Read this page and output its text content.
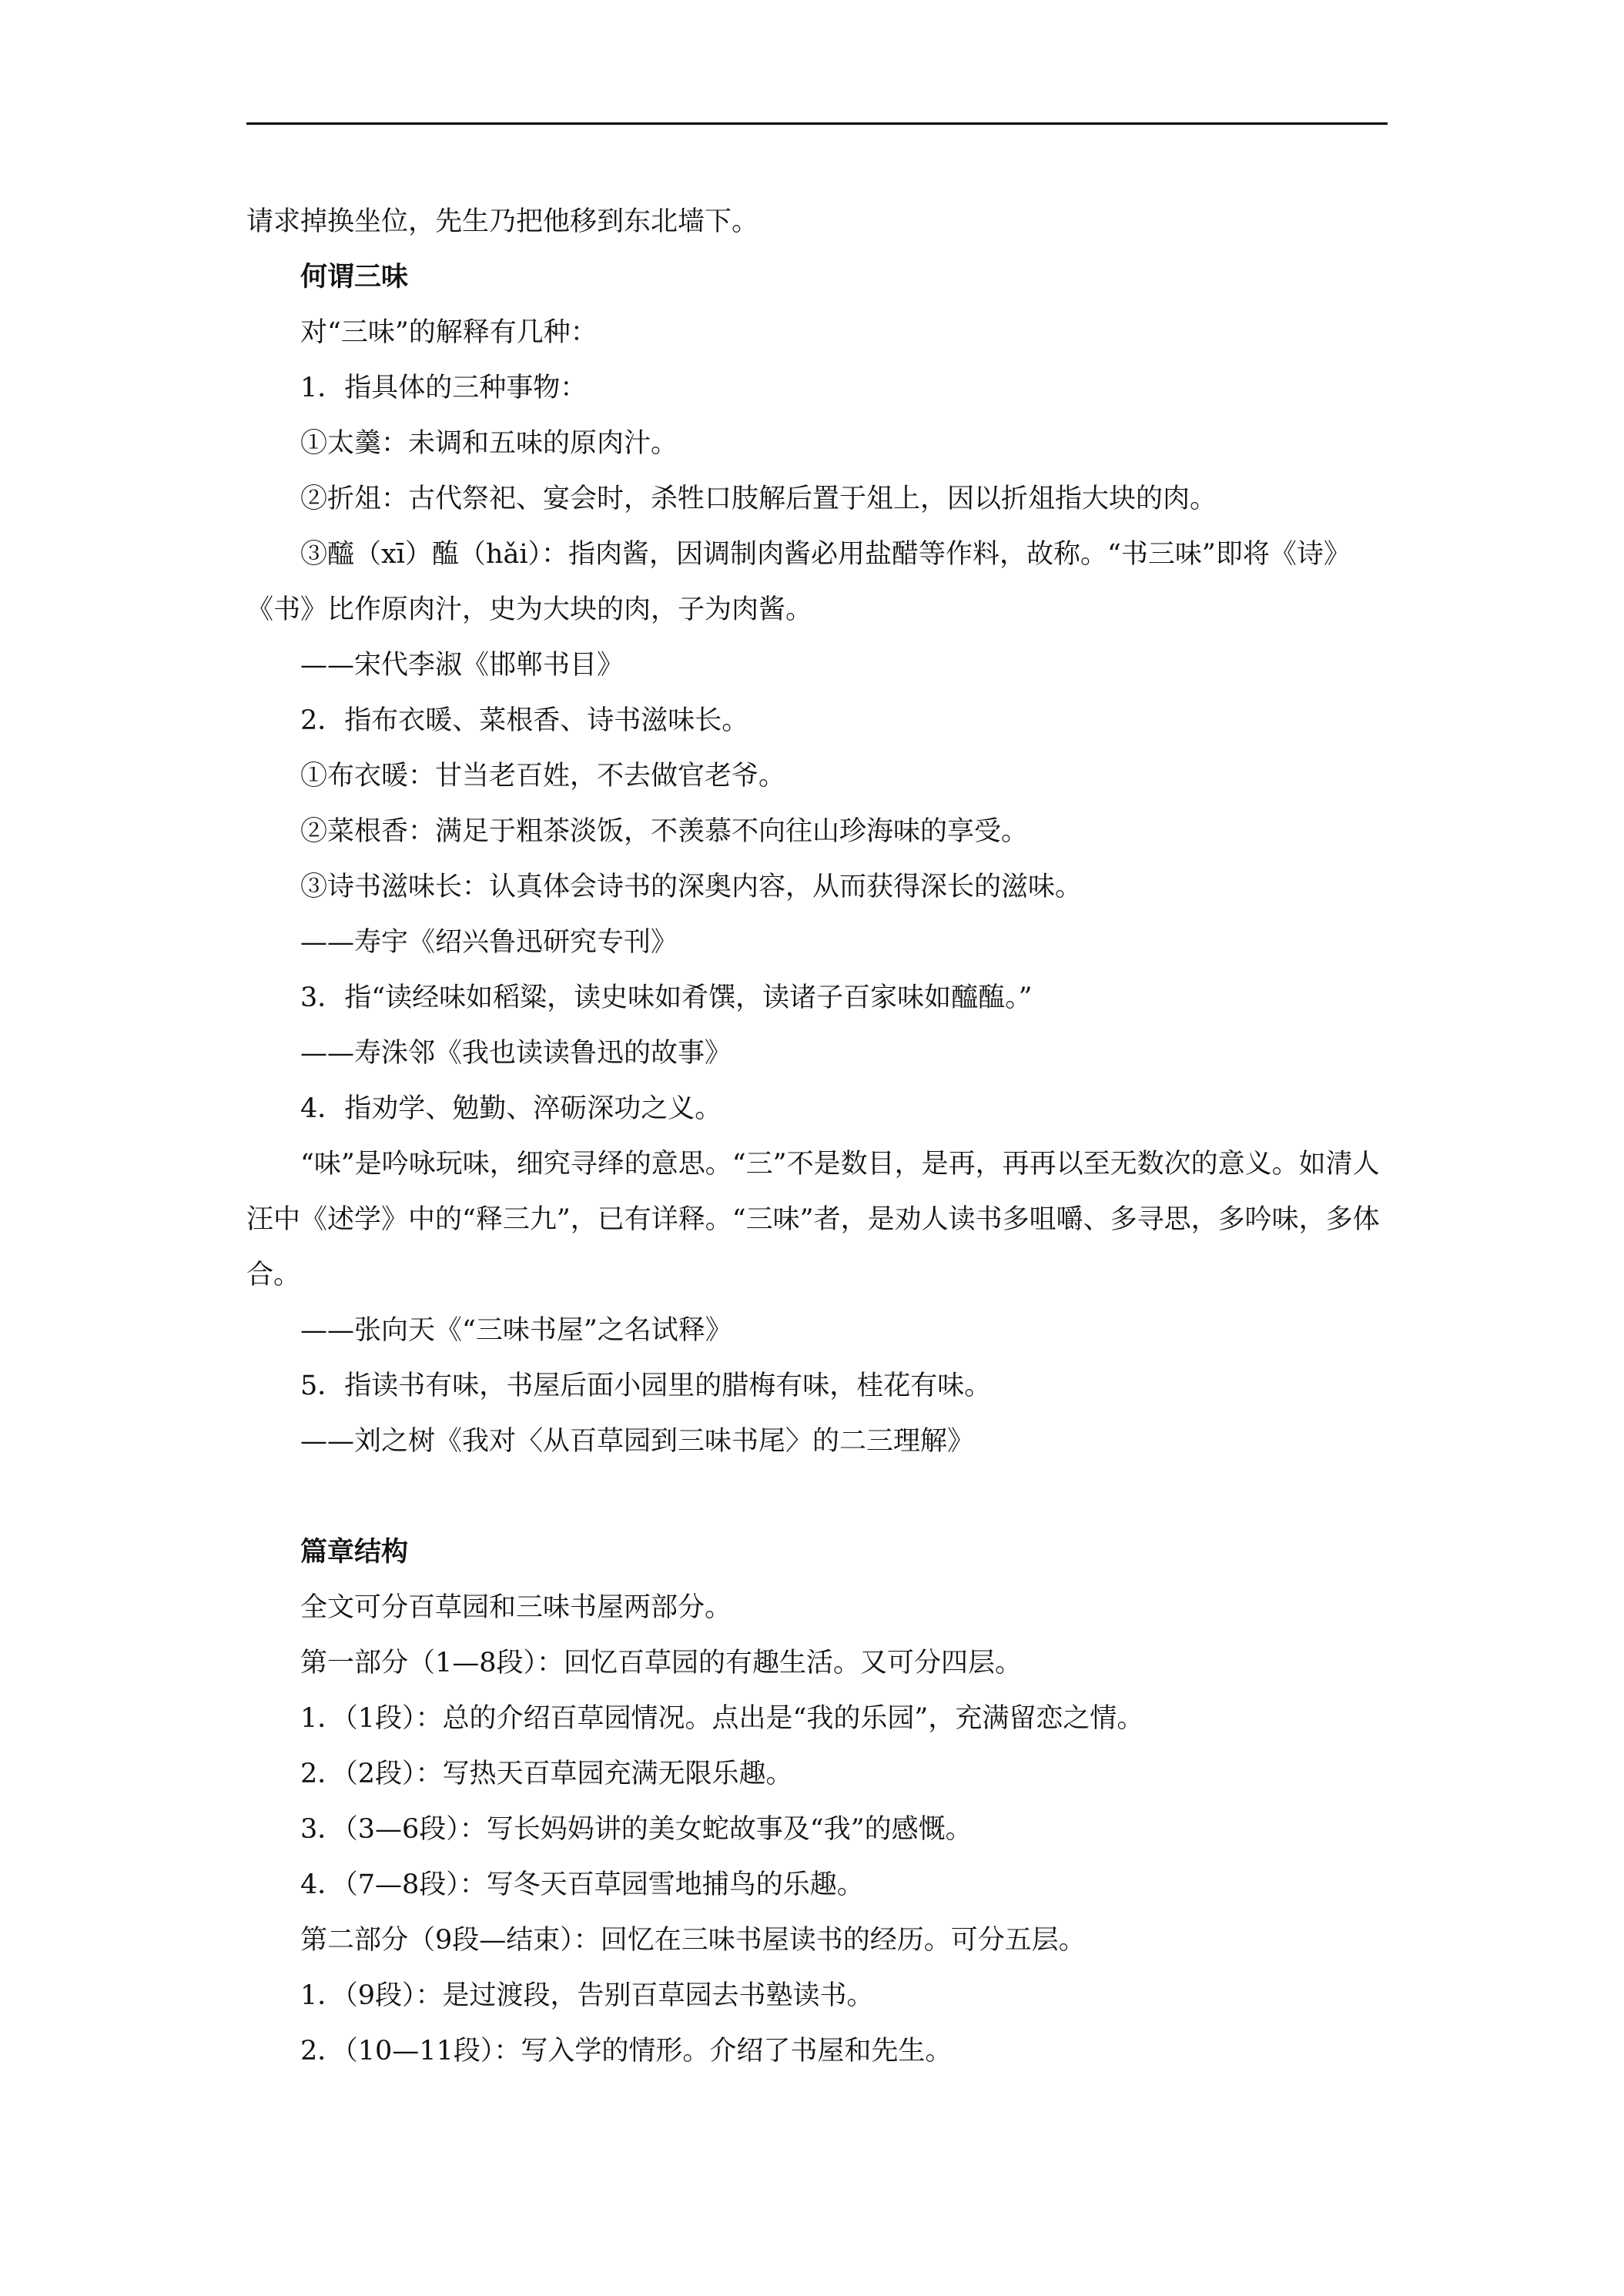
请求掉换坐位，先生乃把他移到东北墙下。

何谓三味

对“三味”的解释有几种：

1．指具体的三种事物：

①太羹：未调和五味的原肉汁。

②折俎：古代祭祀、宴会时，杀牲口肢解后置于俎上，因以折俎指大块的肉。

③醯（xī）醢（hǎi）：指肉酱，因调制肉酱必用盐醋等作料，故称。“书三味”即将《诗》《书》比作原肉汁，史为大块的肉，子为肉酱。

——宋代李淑《邯郸书目》

2．指布衣暖、菜根香、诗书滋味长。

①布衣暖：甘当老百姓，不去做官老爷。

②菜根香：满足于粗茶淡饭，不羡慕不向往山珍海味的享受。

③诗书滋味长：认真体会诗书的深奥内容，从而获得深长的滋味。

——寿宇《绍兴鲁迅研究专刊》

3．指“读经味如稻粱，读史味如肴馔，读诸子百家味如醯醢。”

——寿洙邻《我也读读鲁迅的故事》

4．指劝学、勉勤、淬砺深功之义。

“味”是吟咏玩味，细究寻绎的意思。“三”不是数目，是再，再再以至无数次的意义。如清人汪中《述学》中的“释三九”，已有详释。“三味”者，是劝人读书多咀嚼、多寻思，多吟味，多体合。

——张向天《“三味书屋”之名试释》

5．指读书有味，书屋后面小园里的腊梅有味，桂花有味。

——刘之树《我对〈从百草园到三味书尾〉的二三理解》

篇章结构

全文可分百草园和三味书屋两部分。

第一部分（1—8段）：回忆百草园的有趣生活。又可分四层。

1．（1段）：总的介绍百草园情况。点出是“我的乐园”，充满留恋之情。

2．（2段）：写热天百草园充满无限乐趣。

3．（3—6段）：写长妈妈讲的美女蛇故事及“我”的感慨。

4．（7—8段）：写冬天百草园雪地捕鸟的乐趣。

第二部分（9段—结束）：回忆在三味书屋读书的经历。可分五层。

1．（9段）：是过渡段，告别百草园去书塾读书。

2．（10—11段）：写入学的情形。介绍了书屋和先生。
